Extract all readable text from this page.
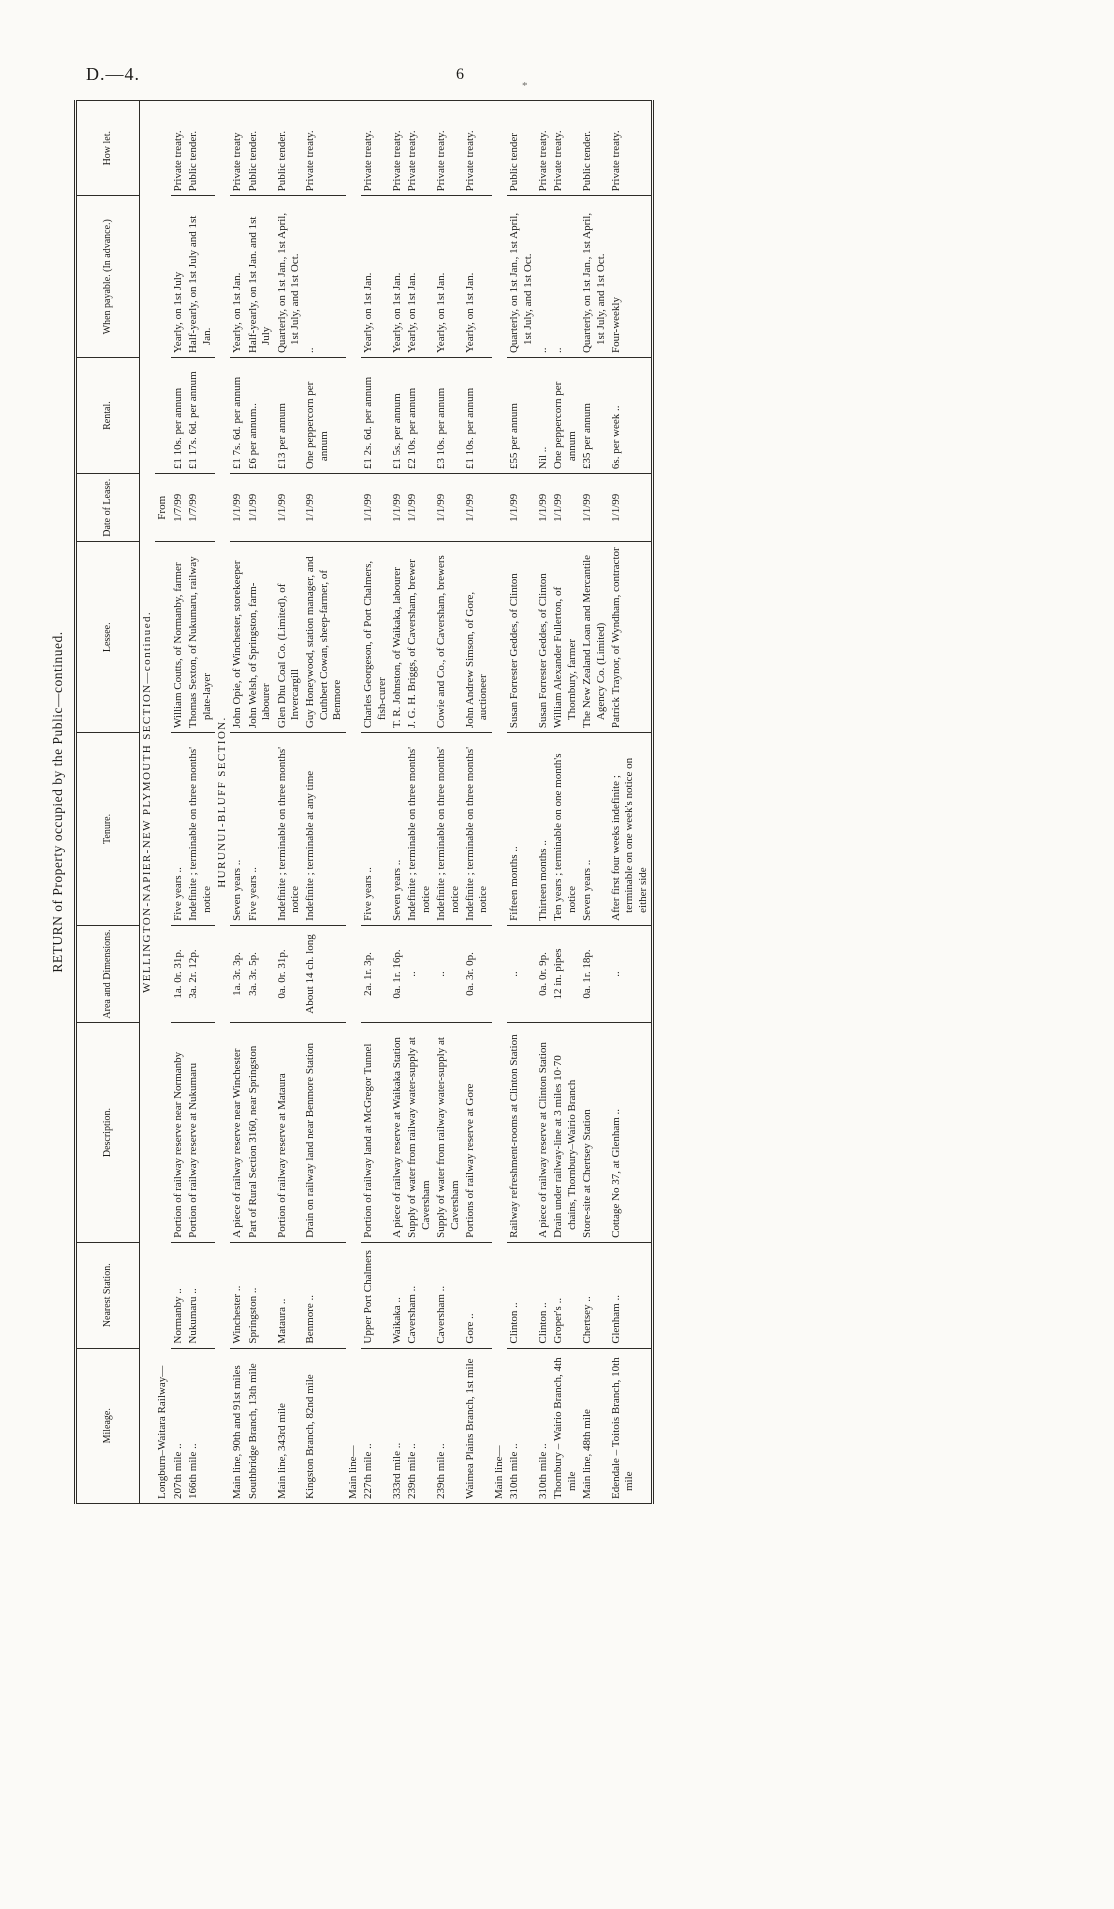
D.—4.	6
*
RETURN of Property occupied by the Public—continued.
Mileage.	Nearest Station.	Description.	Area and Dimensions.	Tenure.	Lessee.	Date of Lease.	Rental.	When payable. (In advance.)	How let.
WELLINGTON-NAPIER-NEW PLYMOUTH SECTION—continued.									
Longburn–Waitara Railway—						From			
207th mile ..	Normanby ..	Portion of railway reserve near Normanby	1a. 0r. 31p.	Five years ..	William Coutts, of Normanby, farmer	1/7/99	£1 10s. per annum	Yearly, on 1st July	Private treaty.
166th mile ..	Nukumaru ..	Portion of railway reserve at Nukumaru	3a. 2r. 12p.	Indefinite ; terminable on three months' notice	Thomas Sexton, of Nukumaru, railway plate-layer	1/7/99	£1 17s. 6d. per annum	Half-yearly, on 1st July and 1st Jan.	Public tender.
HURUNUI-BLUFF SECTION.									
Main line, 90th and 91st miles	Winchester ..	A piece of railway reserve near Winchester	1a. 3r. 3p.	Seven years ..	John Opie, of Winchester, storekeeper	1/1/99	£1 7s. 6d. per annum	Yearly, on 1st Jan.	Private treaty
Southbridge Branch, 13th mile	Springston ..	Part of Rural Section 3160, near Springston	3a. 3r. 5p.	Five years ..	John Welsh, of Springston, farm-labourer	1/1/99	£6 per annum..	Half-yearly, on 1st Jan. and 1st July	Public tender.
Main line, 343rd mile	Mataura ..	Portion of railway reserve at Mataura	0a. 0r. 31p.	Indefinite ; terminable on three months' notice	Glen Dhu Coal Co. (Limited), of Invercargill	1/1/99	£13 per annum	Quarterly, on 1st Jan., 1st April, 1st July, and 1st Oct.	Public tender.
Kingston Branch, 82nd mile	Benmore ..	Drain on railway land near Benmore Station	About 14 ch. long	Indefinite ; terminable at any time	Guy Honeywood, station manager, and Cuthbert Cowan, sheep-farmer, of Benmore	1/1/99	One peppercorn per annum	..	Private treaty.
Main line—									
227th mile ..	Upper Port Chalmers	Portion of railway land at McGregor Tunnel	2a. 1r. 3p.	Five years ..	Charles Georgeson, of Port Chalmers, fish-curer	1/1/99	£1 2s. 6d. per annum	Yearly, on 1st Jan.	Private treaty.
333rd mile ..	Waikaka ..	A piece of railway reserve at Waikaka Station	0a. 1r. 16p.	Seven years ..	T. R. Johnston, of Waikaka, labourer	1/1/99	£1 5s. per annum	Yearly, on 1st Jan.	Private treaty.
239th mile ..	Caversham ..	Supply of water from railway water-supply at Caversham	..	Indefinite ; terminable on three months' notice	J. G. H. Briggs, of Caversham, brewer	1/1/99	£2 10s. per annum	Yearly, on 1st Jan.	Private treaty.
239th mile ..	Caversham ..	Supply of water from railway water-supply at Caversham	..	Indefinite ; terminable on three months' notice	Cowie and Co., of Caversham, brewers	1/1/99	£3 10s. per annum	Yearly, on 1st Jan.	Private treaty.
Waimea Plains Branch, 1st mile	Gore ..	Portions of railway reserve at Gore	0a. 3r. 0p.	Indefinite ; terminable on three months' notice	John Andrew Simson, of Gore, auctioneer	1/1/99	£1 10s. per annum	Yearly, on 1st Jan.	Private treaty.
Main line—									
310th mile ..	Clinton ..	Railway refreshment-rooms at Clinton Station	..	Fifteen months ..	Susan Forrester Geddes, of Clinton	1/1/99	£55 per annum	Quarterly, on 1st Jan., 1st April, 1st July, and 1st Oct.	Public tender
310th mile ..	Clinton ..	A piece of railway reserve at Clinton Station	0a. 0r. 9p.	Thirteen months ..	Susan Forrester Geddes, of Clinton	1/1/99	Nil ..	..	Private treaty.
Thornbury – Wairio Branch, 4th mile	Groper's ..	Drain under railway-line at 3 miles 10·70 chains, Thornbury–Wairio Branch	12 in. pipes	Ten years ; terminable on one month's notice	William Alexander Fullerton, of Thornbury, farmer	1/1/99	One peppercorn per annum	..	Private treaty.
Main line, 48th mile	Chertsey ..	Store-site at Chertsey Station	0a. 1r. 18p.	Seven years ..	The New Zealand Loan and Mercantile Agency Co. (Limited)	1/1/99	£35 per annum	Quarterly, on 1st Jan., 1st April, 1st July, and 1st Oct.	Public tender.
Edendale – Toitois Branch, 10th mile	Glenham ..	Cottage No 37, at Glenham ..	..	After first four weeks indefinite ; terminable on one week's notice on either side	Patrick Traynor, of Wyndham, contractor	1/1/99	6s. per week ..	Four-weekly	Private treaty.
